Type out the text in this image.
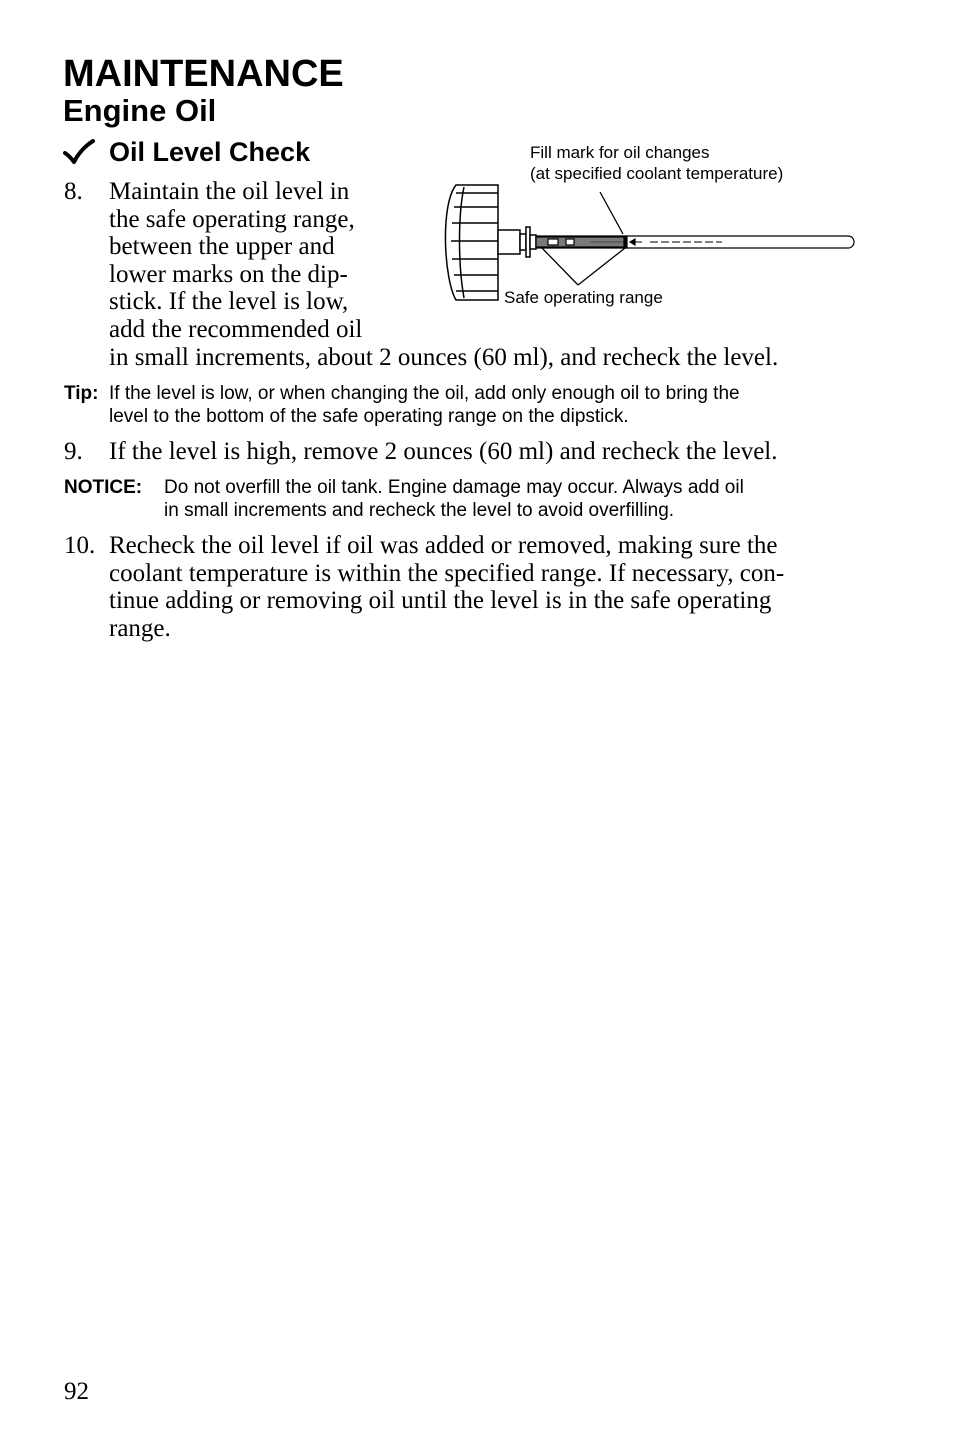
MAINTENANCE
Engine Oil
Oil Level Check
8. Maintain the oil level in
the safe operating range,
between the upper and
lower marks on the dip-
stick. If the level is low,
add the recommended oil
in small increments, about 2 ounces (60 ml), and recheck the level.
Fill mark for oil changes
(at specified coolant temperature)
Safe operating range
Tip: If the level is low, or when changing the oil, add only enough oil to bring the
level to the bottom of the safe operating range on the dipstick.
9. If the level is high, remove 2 ounces (60 ml) and recheck the level.
NOTICE: Do not overfill the oil tank. Engine damage may occur. Always add oil
in small increments and recheck the level to avoid overfilling.
10. Recheck the oil level if oil was added or removed, making sure the
coolant temperature is within the specified range. If necessary, con-
tinue adding or removing oil until the level is in the safe operating
range.
92
